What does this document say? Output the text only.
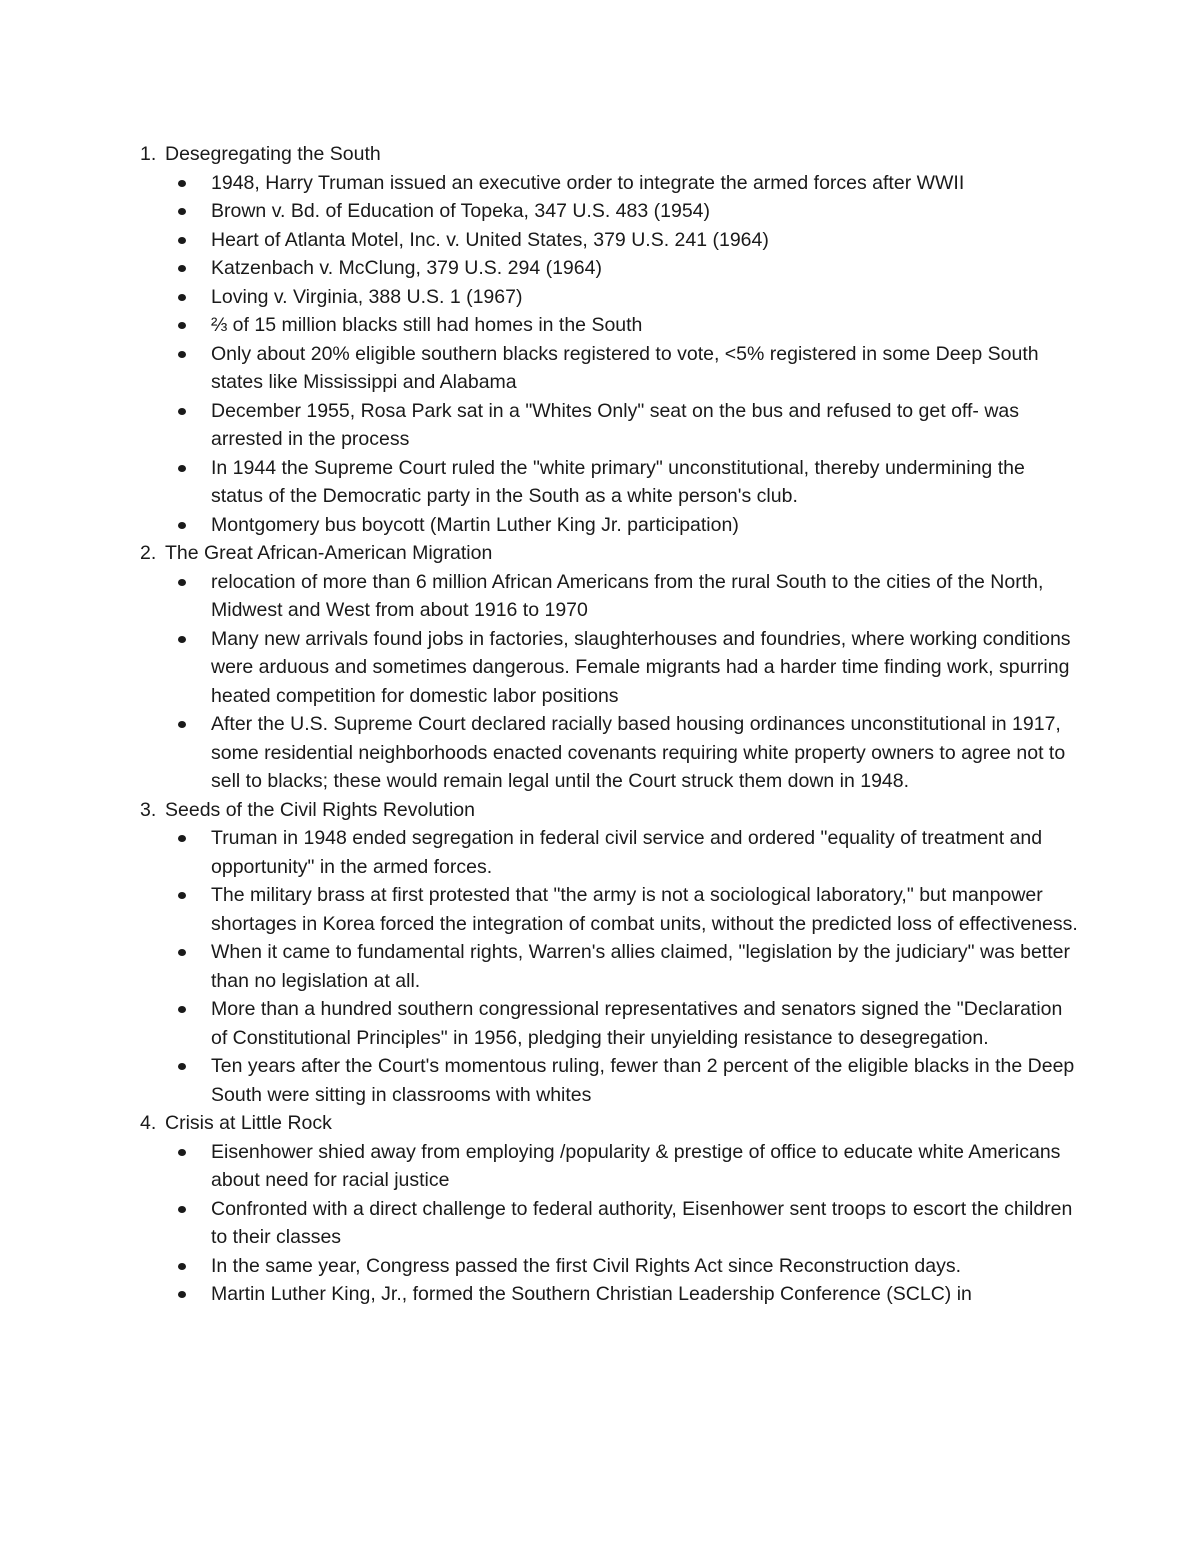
1. Desegregating the South
1948, Harry Truman issued an executive order to integrate the armed forces after WWII
Brown v. Bd. of Education of Topeka, 347 U.S. 483 (1954)
Heart of Atlanta Motel, Inc. v. United States, 379 U.S. 241 (1964)
Katzenbach v. McClung, 379 U.S. 294 (1964)
Loving v. Virginia, 388 U.S. 1 (1967)
⅔ of 15 million blacks still had homes in the South
Only about 20% eligible southern blacks registered to vote, <5% registered in some Deep South states like Mississippi and Alabama
December 1955, Rosa Park sat in a "Whites Only" seat on the bus and refused to get off- was arrested in the process
In 1944 the Supreme Court ruled the "white primary" unconstitutional, thereby undermining the status of the Democratic party in the South as a white person's club.
Montgomery bus boycott (Martin Luther King Jr. participation)
2. The Great African-American Migration
relocation of more than 6 million African Americans from the rural South to the cities of the North, Midwest and West from about 1916 to 1970
Many new arrivals found jobs in factories, slaughterhouses and foundries, where working conditions were arduous and sometimes dangerous. Female migrants had a harder time finding work, spurring heated competition for domestic labor positions
After the U.S. Supreme Court declared racially based housing ordinances unconstitutional in 1917, some residential neighborhoods enacted covenants requiring white property owners to agree not to sell to blacks; these would remain legal until the Court struck them down in 1948.
3. Seeds of the Civil Rights Revolution
Truman in 1948 ended segregation in federal civil service and ordered "equality of treatment and opportunity" in the armed forces.
The military brass at first protested that "the army is not a sociological laboratory," but manpower shortages in Korea forced the integration of combat units, without the predicted loss of effectiveness.
When it came to fundamental rights, Warren's allies claimed, "legislation by the judiciary" was better than no legislation at all.
More than a hundred southern congressional representatives and senators signed the "Declaration of Constitutional Principles" in 1956, pledging their unyielding resistance to desegregation.
Ten years after the Court's momentous ruling, fewer than 2 percent of the eligible blacks in the Deep South were sitting in classrooms with whites
4. Crisis at Little Rock
Eisenhower shied away from employing /popularity & prestige of office to educate white Americans about need for racial justice
Confronted with a direct challenge to federal authority, Eisenhower sent troops to escort the children to their classes
In the same year, Congress passed the first Civil Rights Act since Reconstruction days.
Martin Luther King, Jr., formed the Southern Christian Leadership Conference (SCLC) in
